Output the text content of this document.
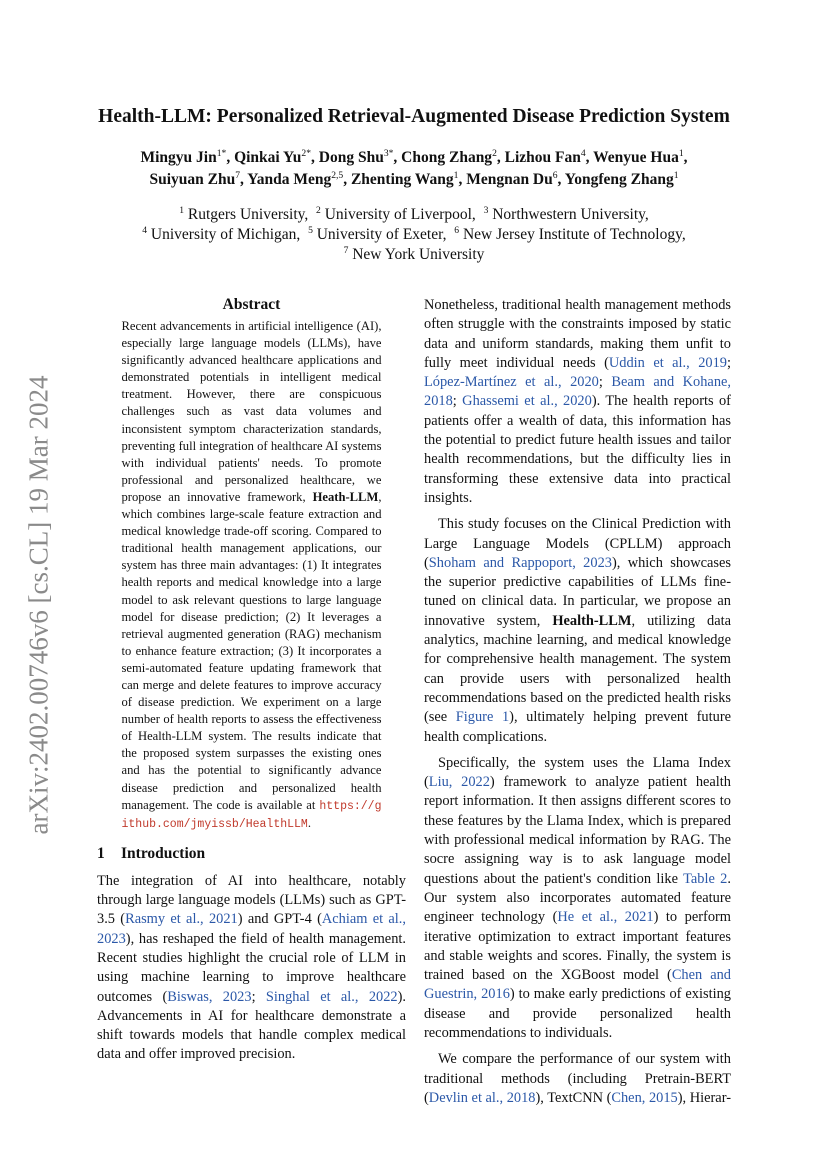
arXiv:2402.00746v6 [cs.CL] 19 Mar 2024
Health-LLM: Personalized Retrieval-Augmented Disease Prediction System
Mingyu Jin$^{1*}$, Qinkai $Yu^{2*}$, Dong Shu$^{3*}$, Chong Zhang$^2$, Lizhou Fan$^4$, Wenyue Hua$^1$,
Suiyuan Zhu$^7$, Yanda Meng$^{2,5}$, Zhenting Wang$^1$, Mengnan Du$^6$, Yongfeng Zhang$^1$
$^1$ Rutgers University, $^2$ University of Liverpool, $^3$ Northwestern University,
$^4$ University of Michigan, $^5$ University of Exeter, $^6$ New Jersey Institute of Technology,
$^7$ New York University
Abstract
Recent advancements in artificial intelligence (AI), especially large language models (LLMs), have significantly advanced healthcare applications and demonstrated potentials in intelligent medical treatment. However, there are conspicuous challenges such as vast data volumes and inconsistent symptom characterization standards, preventing full integration of healthcare AI systems with individual patients' needs. To promote professional and personalized healthcare, we propose an innovative framework, Heath-LLM, which combines large-scale feature extraction and medical knowledge trade-off scoring. Compared to traditional health management applications, our system has three main advantages: (1) It integrates health reports and medical knowledge into a large model to ask relevant questions to large language model for disease prediction; (2) It leverages a retrieval augmented generation (RAG) mechanism to enhance feature extraction; (3) It incorporates a semi-automated feature updating framework that can merge and delete features to improve accuracy of disease prediction. We experiment on a large number of health reports to assess the effectiveness of Health-LLM system. The results indicate that the proposed system surpasses the existing ones and has the potential to significantly advance disease prediction and personalized health management. The code is available at https://github.com/jmyissb/HealthLLM.
1 Introduction

The integration of AI into healthcare, notably through large language models (LLMs) such as GPT-3.5 (Rasmy et al., 2021) and GPT-4 (Achiam et al., 2023), has reshaped the field of health management. Recent studies highlight the crucial role of LLM in using machine learning to improve healthcare outcomes (Biswas, 2023; Singhal et al., 2022). Advancements in AI for healthcare demonstrate a shift towards models that handle complex medical data and offer improved precision.

Nonetheless, traditional health management methods often struggle with the constraints imposed by static data and uniform standards, making them unfit to fully meet individual needs (Uddin et al., 2019; López-Martínez et al., 2020; Beam and Kohane, 2018; Ghassemi et al., 2020). The health reports of patients offer a wealth of data, this information has the potential to predict future health issues and tailor health recommendations, but the difficulty lies in transforming these extensive data into practical insights.

This study focuses on the Clinical Prediction with Large Language Models (CPLLM) approach (Shoham and Rappoport, 2023), which showcases the superior predictive capabilities of LLMs fine-tuned on clinical data. In particular, we propose an innovative system, Health-LLM, utilizing data analytics, machine learning, and medical knowledge for comprehensive health management. The system can provide users with personalized health recommendations based on the predicted health risks (see Figure 1), ultimately helping prevent future health complications.

Specifically, the system uses the Llama Index (Liu, 2022) framework to analyze patient health report information. It then assigns different scores to these features by the Llama Index, which is prepared with professional medical information by RAG. The socre assigning way is to ask language model questions about the patient's condition like Table 2. Our system also incorporates automated feature engineer technology (He et al., 2021) to perform iterative optimization to extract important features and stable weights and scores. Finally, the system is trained based on the XGBoost model (Chen and Guestrin, 2016) to make early predictions of existing disease and provide personalized health recommendations to individuals.

We compare the performance of our system with traditional methods (including Pretrain-BERT (Devlin et al., 2018), TextCNN (Chen, 2015), Hierar-
